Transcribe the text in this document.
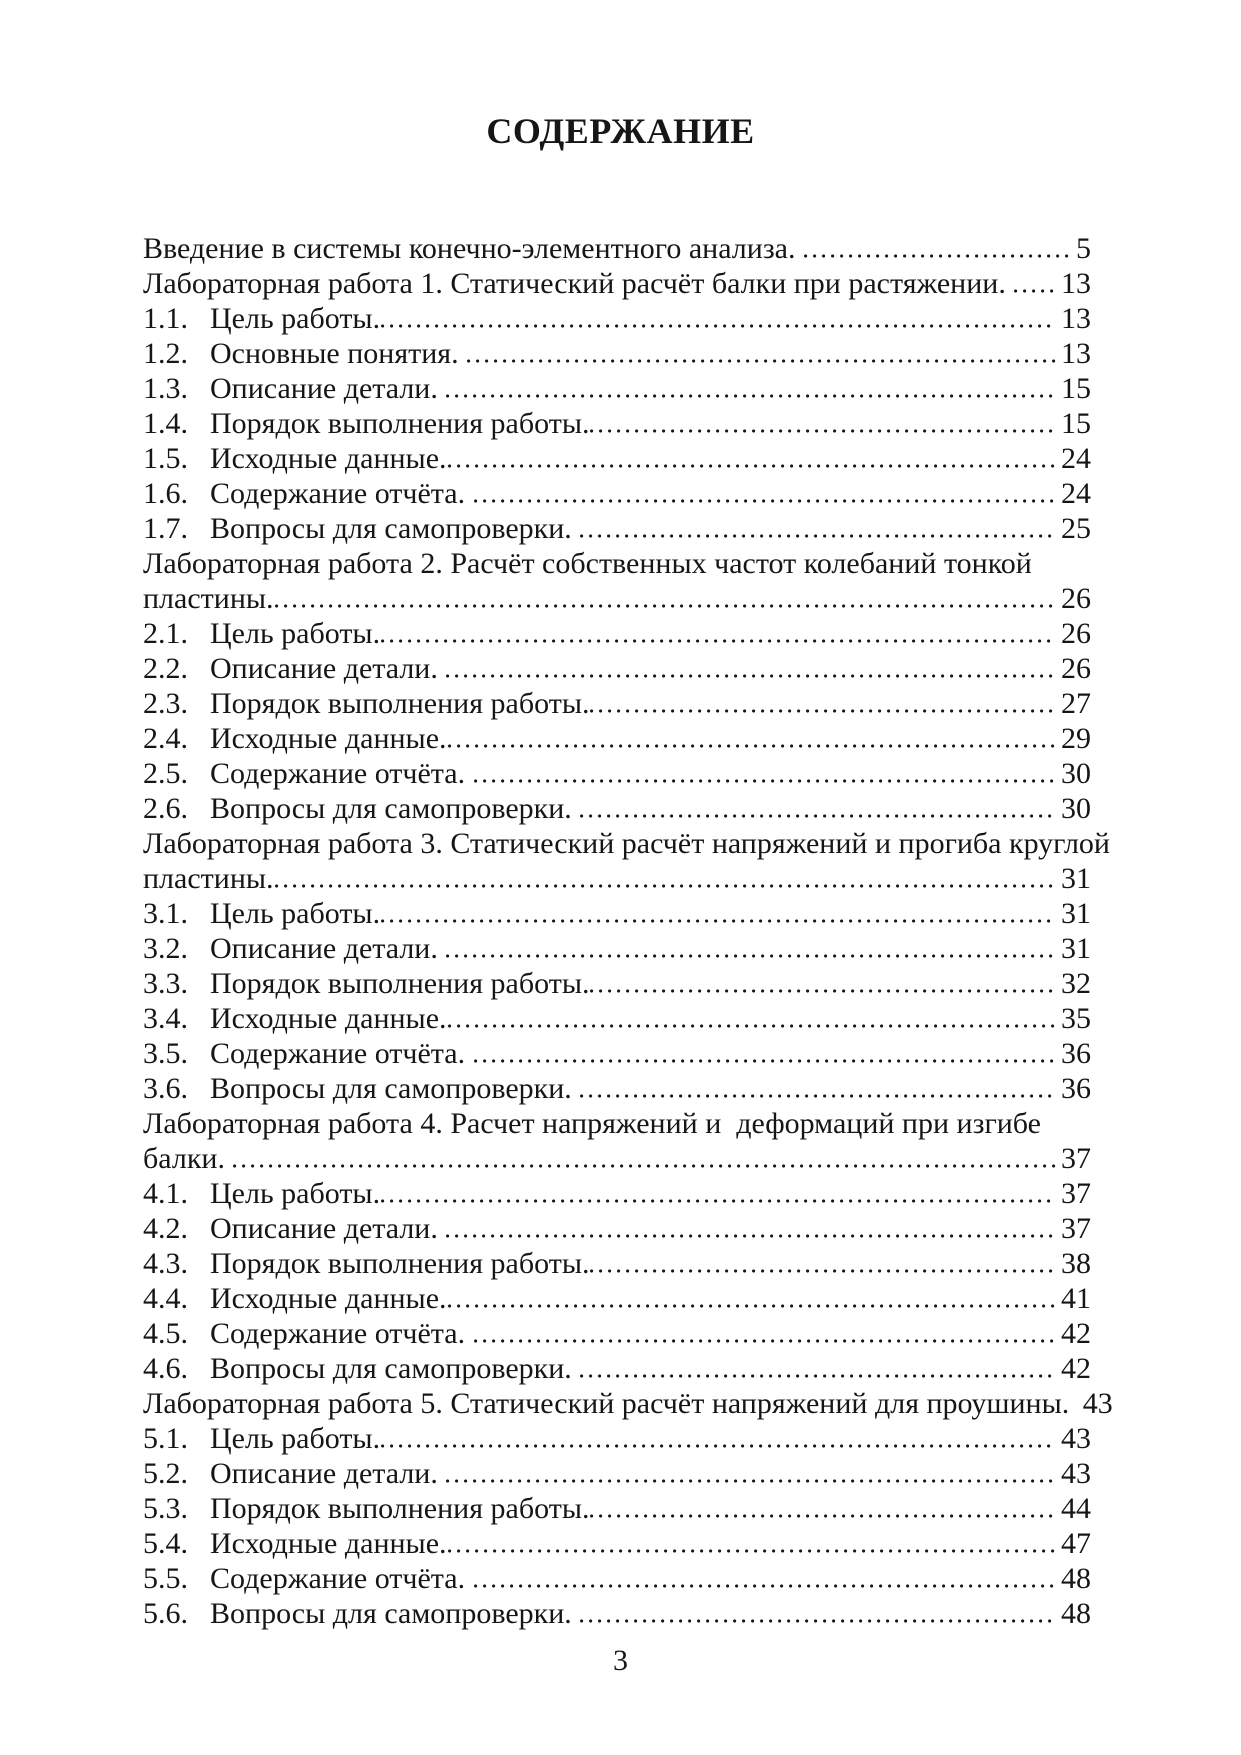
СОДЕРЖАНИЕ
Введение в системы конечно-элементного анализа.	5
Лабораторная работа 1. Статический расчёт балки при растяжении. 13
1.1. Цель работы.	13
1.2. Основные понятия.	13
1.3. Описание детали.	15
1.4. Порядок выполнения работы.	15
1.5. Исходные данные.	24
1.6. Содержание отчёта.	24
1.7. Вопросы для самопроверки.	25
Лабораторная работа 2. Расчёт собственных частот колебаний тонкой
пластины.	26
2.1. Цель работы.	26
2.2. Описание детали.	26
2.3. Порядок выполнения работы.	27
2.4. Исходные данные.	29
2.5. Содержание отчёта.	30
2.6. Вопросы для самопроверки.	30
Лабораторная работа 3. Статический расчёт напряжений и прогиба круглой
пластины.	31
3.1. Цель работы.	31
3.2. Описание детали.	31
3.3. Порядок выполнения работы.	32
3.4. Исходные данные.	35
3.5. Содержание отчёта.	36
3.6. Вопросы для самопроверки.	36
Лабораторная работа 4. Расчет напряжений и  деформаций при изгибе
балки.	37
4.1. Цель работы.	37
4.2. Описание детали.	37
4.3. Порядок выполнения работы.	38
4.4. Исходные данные.	41
4.5. Содержание отчёта.	42
4.6. Вопросы для самопроверки.	42
Лабораторная работа 5. Статический расчёт напряжений для проушины. 43
5.1. Цель работы.	43
5.2. Описание детали.	43
5.3. Порядок выполнения работы.	44
5.4. Исходные данные.	47
5.5. Содержание отчёта.	48
5.6. Вопросы для самопроверки.	48
3
